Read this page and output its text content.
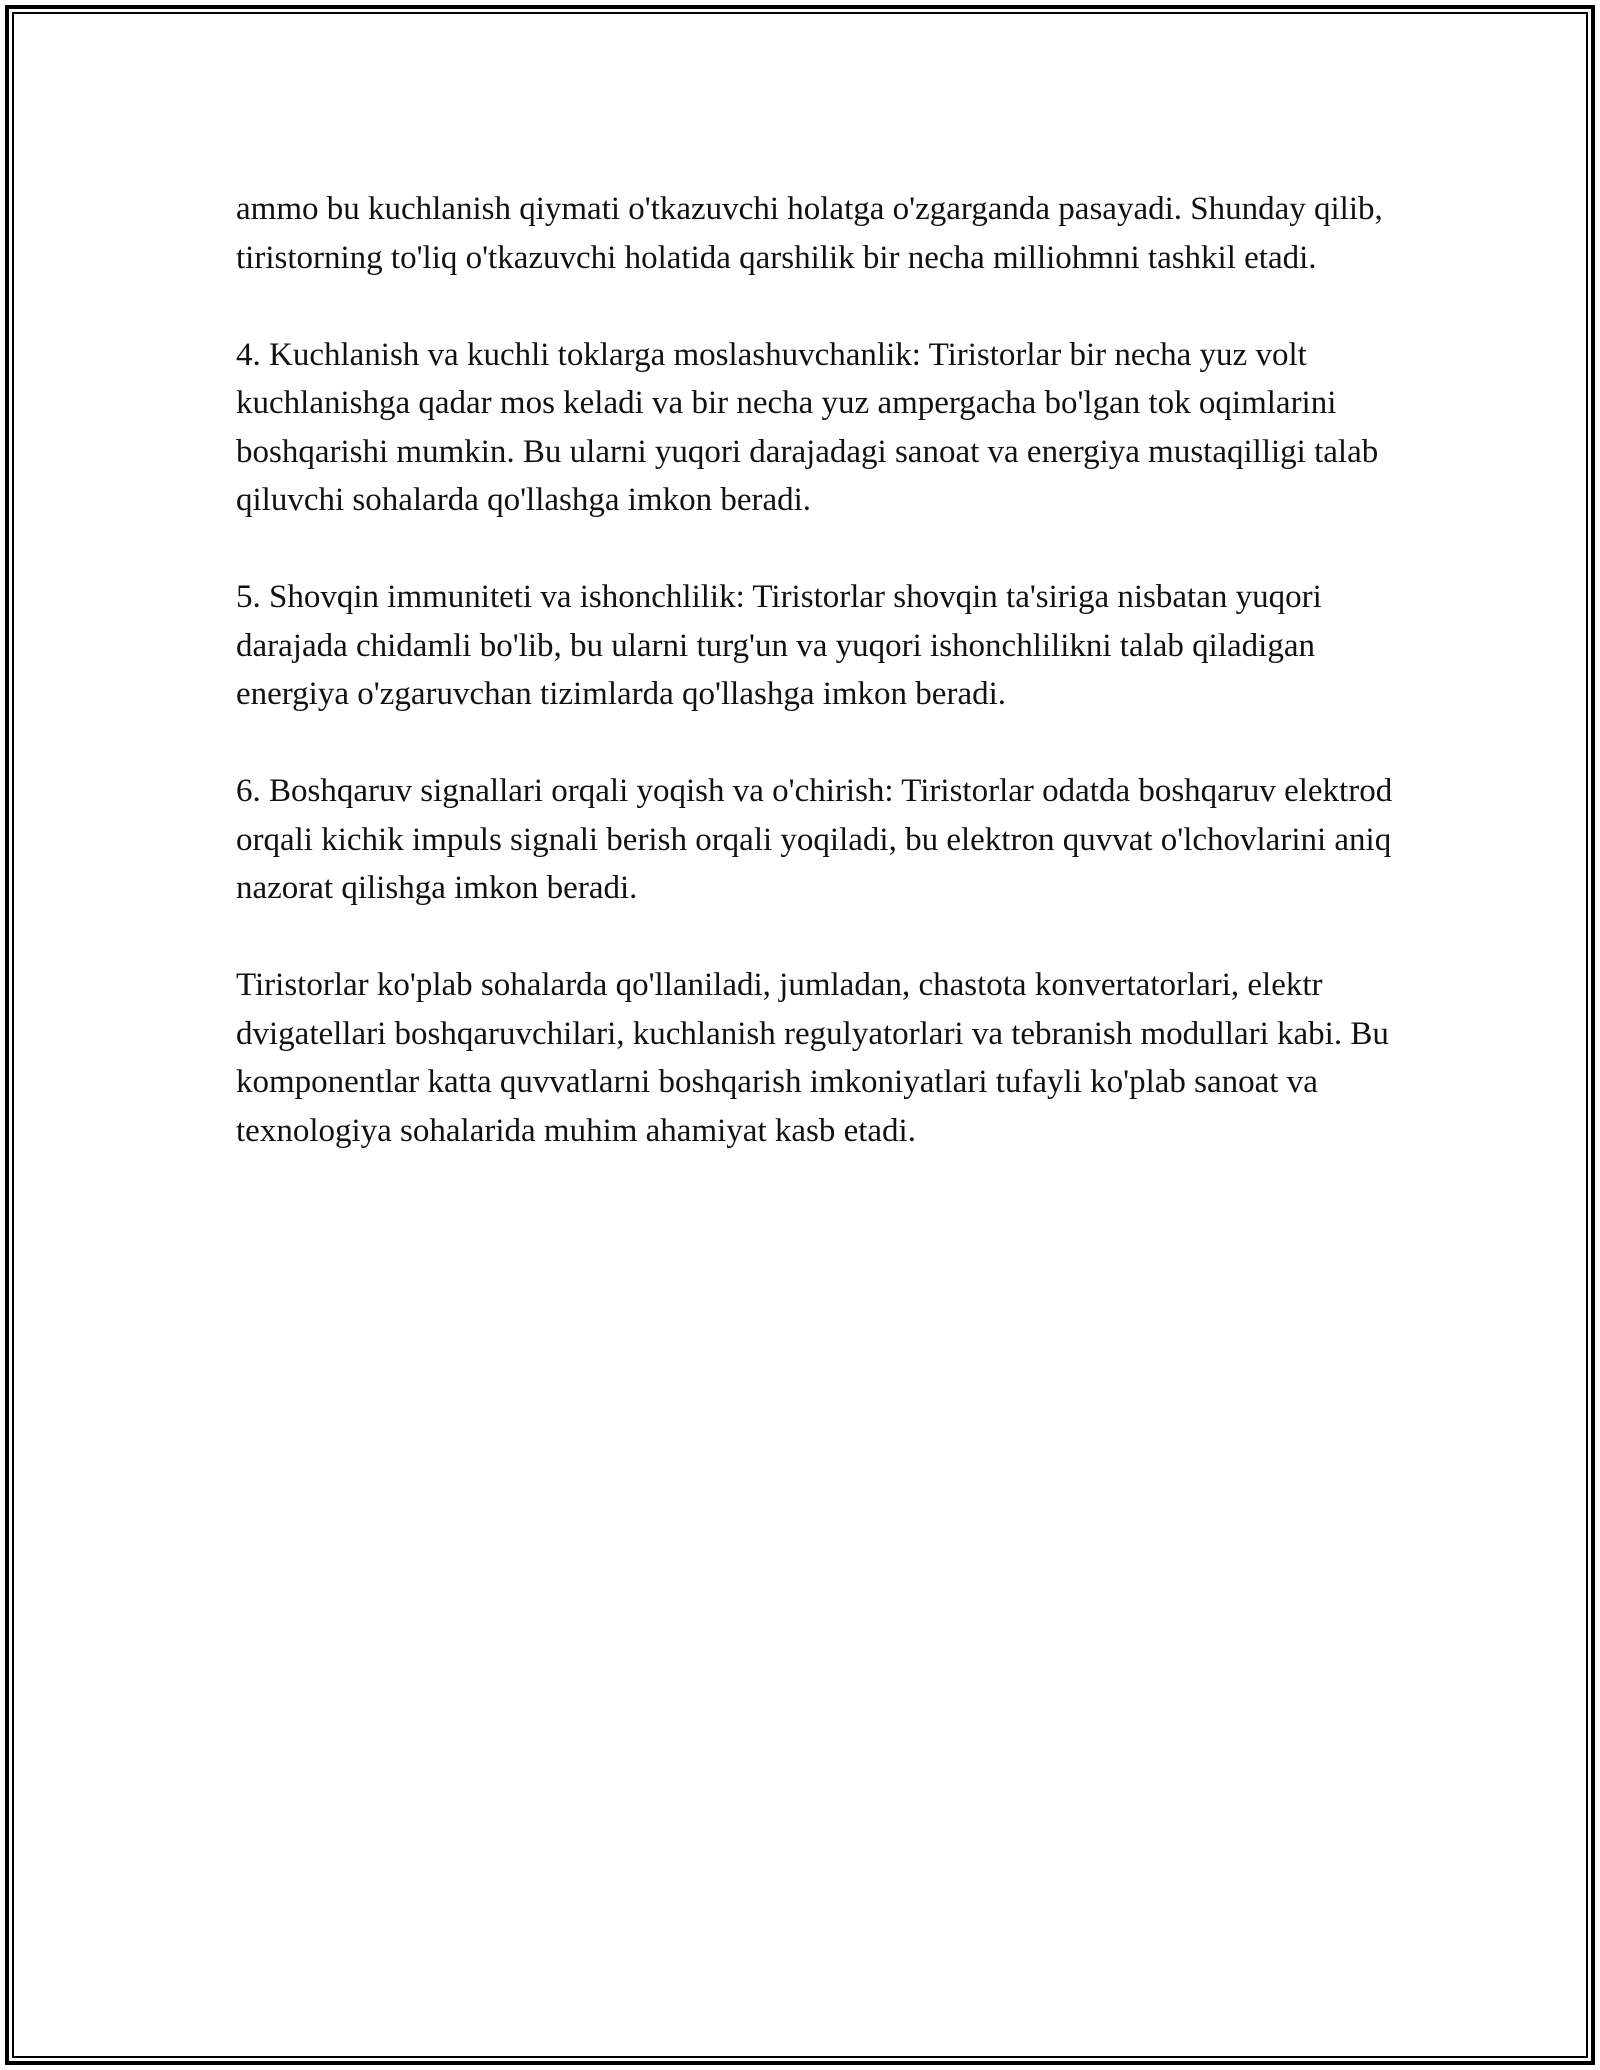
ammo bu kuchlanish qiymati o'tkazuvchi holatga o'zgarganda pasayadi. Shunday qilib, tiristorning to'liq o'tkazuvchi holatida qarshilik bir necha milliohmni tashkil etadi.

4. Kuchlanish va kuchli toklarga moslashuvchanlik: Tiristorlar bir necha yuz volt kuchlanishga qadar mos keladi va bir necha yuz ampergacha bo'lgan tok oqimlarini boshqarishi mumkin. Bu ularni yuqori darajadagi sanoat va energiya mustaqilligi talab qiluvchi sohalarda qo'llashga imkon beradi.

5. Shovqin immuniteti va ishonchlilik: Tiristorlar shovqin ta'siriga nisbatan yuqori darajada chidamli bo'lib, bu ularni turg'un va yuqori ishonchlilikni talab qiladigan energiya o'zgaruvchan tizimlarda qo'llashga imkon beradi.

6. Boshqaruv signallari orqali yoqish va o'chirish: Tiristorlar odatda boshqaruv elektrod orqali kichik impuls signali berish orqali yoqiladi, bu elektron quvvat o'lchovlarini aniq nazorat qilishga imkon beradi.

Tiristorlar ko'plab sohalarda qo'llaniladi, jumladan, chastota konvertatorlari, elektr dvigatellari boshqaruvchilari, kuchlanish regulyatorlari va tebranish modullari kabi. Bu komponentlar katta quvvatlarni boshqarish imkoniyatlari tufayli ko'plab sanoat va texnologiya sohalarida muhim ahamiyat kasb etadi.
